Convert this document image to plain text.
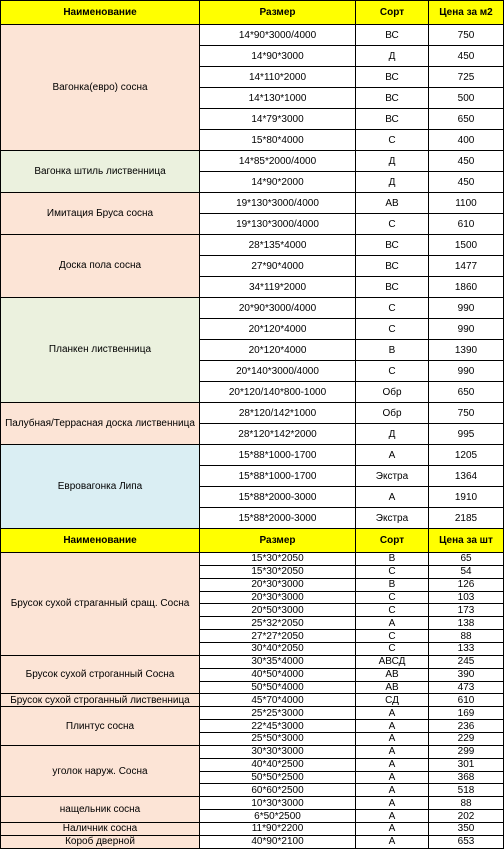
Наименование	Размер	Сорт	Цена за м2
Вагонка(евро) сосна	14*90*3000/4000	ВС	750
	14*90*3000	Д	450
	14*110*2000	ВС	725
	14*130*1000	ВС	500
	14*79*3000	ВС	650
	15*80*4000	С	400
Вагонка штиль лиственница	14*85*2000/4000	Д	450
	14*90*2000	Д	450
Имитация Бруса сосна	19*130*3000/4000	АВ	1100
	19*130*3000/4000	С	610
Доска пола сосна	28*135*4000	ВС	1500
	27*90*4000	ВС	1477
	34*119*2000	ВС	1860
Планкен лиственница	20*90*3000/4000	С	990
	20*120*4000	С	990
	20*120*4000	В	1390
	20*140*3000/4000	С	990
	20*120/140*800-1000	Обр	650
Палубная/Террасная доска лиственница	28*120/142*1000	Обр	750
	28*120*142*2000	Д	995
Евровагонка Липа	15*88*1000-1700	А	1205
	15*88*1000-1700	Экстра	1364
	15*88*2000-3000	А	1910
	15*88*2000-3000	Экстра	2185
Наименование	Размер	Сорт	Цена за шт
Брусок сухой страганный сращ. Сосна	15*30*2050	В	65
	15*30*2050	С	54
	20*30*3000	В	126
	20*30*3000	С	103
	20*50*3000	С	173
	25*32*2050	А	138
	27*27*2050	С	88
	30*40*2050	С	133
Брусок сухой строганный Сосна	30*35*4000	АВСД	245
	40*50*4000	АВ	390
	50*50*4000	АВ	473
Брусок сухой строганный лиственница	45*70*4000	СД	610
Плинтус сосна	25*25*3000	А	169
	22*45*3000	А	236
	25*50*3000	А	229
уголок наруж. Сосна	30*30*3000	А	299
	40*40*2500	А	301
	50*50*2500	А	368
	60*60*2500	А	518
нащельник сосна	10*30*3000	А	88
	6*50*2500	А	202
Наличник сосна	11*90*2200	А	350
Короб дверной	40*90*2100	А	653
